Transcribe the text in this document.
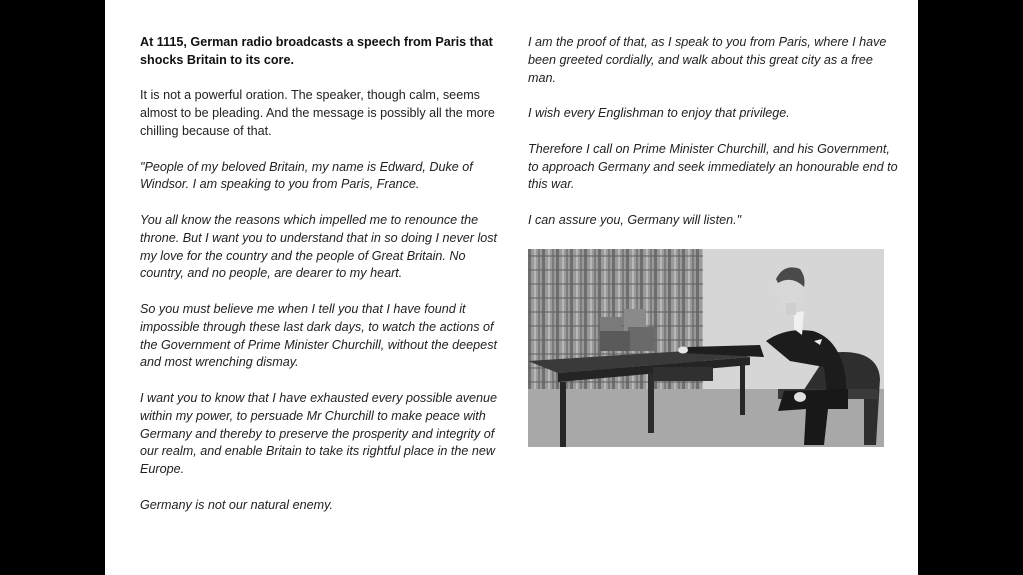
At 1115, German radio broadcasts a speech from Paris that shocks Britain to its core.

It is not a powerful oration. The speaker, though calm, seems almost to be pleading. And the message is possibly all the more chilling because of that.

"People of my beloved Britain, my name is Edward, Duke of Windsor. I am speaking to you from Paris, France.

You all know the reasons which impelled me to renounce the throne. But I want you to understand that in so doing I never lost my love for the country and the people of Great Britain. No country, and no people, are dearer to my heart.

So you must believe me when I tell you that I have found it impossible through these last dark days, to watch the actions of the Government of Prime Minister Churchill, without the deepest and most wrenching dismay.

I want you to know that I have exhausted every possible avenue within my power, to persuade Mr Churchill to make peace with Germany and thereby to preserve the prosperity and integrity of our realm, and enable Britain to take its rightful place in the new Europe.

Germany is not our natural enemy.

I am the proof of that, as I speak to you from Paris, where I have been greeted cordially, and walk about this great city as a free man.

I wish every Englishman to enjoy that privilege.

Therefore I call on Prime Minister Churchill, and his Government, to approach Germany and seek immediately an honourable end to this war.

I can assure you, Germany will listen."
